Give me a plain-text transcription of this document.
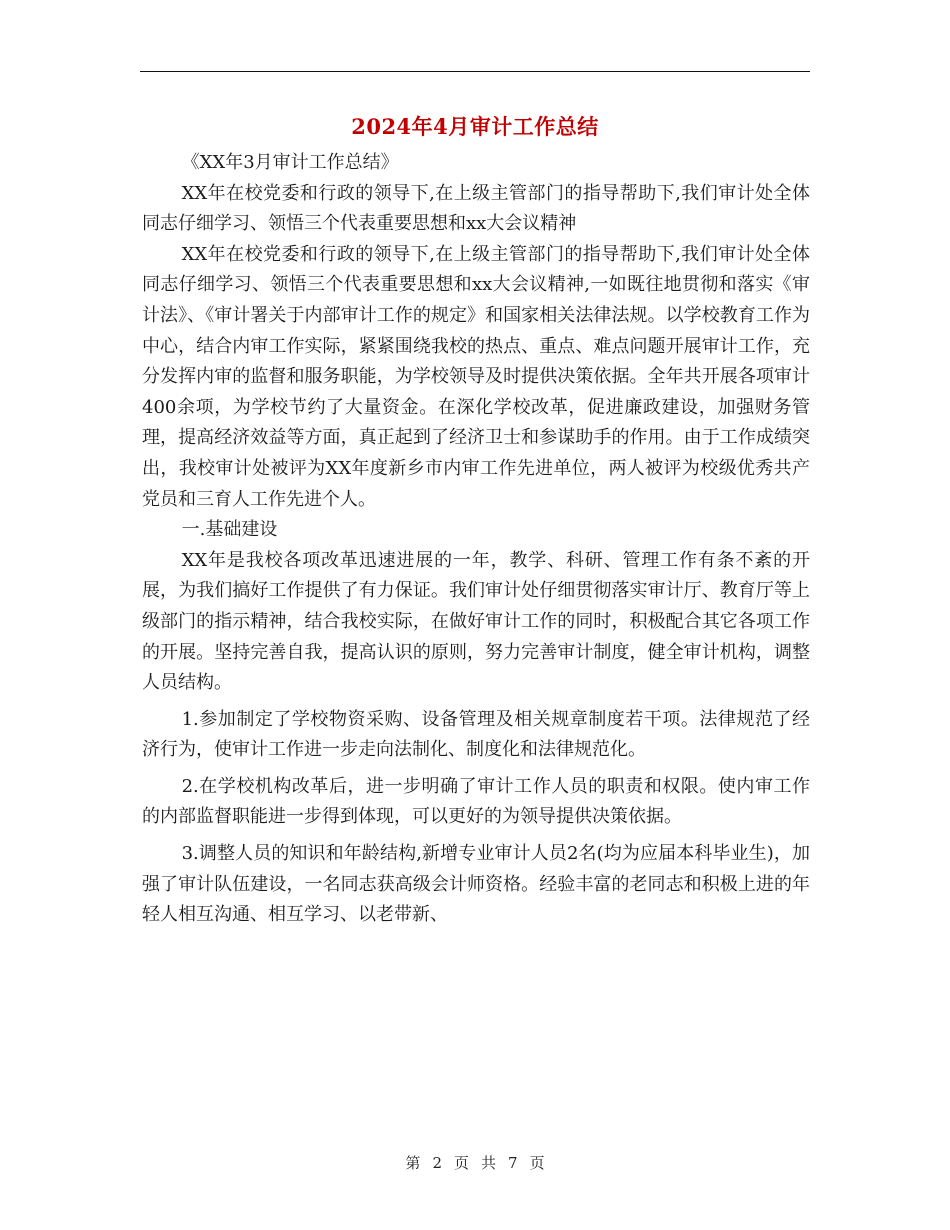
2024年4月审计工作总结

《XX年3月审计工作总结》

XX年在校党委和行政的领导下,在上级主管部门的指导帮助下,我们审计处全体同志仔细学习、领悟三个代表重要思想和xx大会议精神

XX年在校党委和行政的领导下,在上级主管部门的指导帮助下,我们审计处全体同志仔细学习、领悟三个代表重要思想和xx大会议精神,一如既往地贯彻和落实《审计法》、《审计署关于内部审计工作的规定》和国家相关法律法规。以学校教育工作为中心，结合内审工作实际，紧紧围绕我校的热点、重点、难点问题开展审计工作，充分发挥内审的监督和服务职能，为学校领导及时提供决策依据。全年共开展各项审计400余项，为学校节约了大量资金。在深化学校改革，促进廉政建设，加强财务管理，提高经济效益等方面，真正起到了经济卫士和参谋助手的作用。由于工作成绩突出，我校审计处被评为XX年度新乡市内审工作先进单位，两人被评为校级优秀共产党员和三育人工作先进个人。

一.基础建设

XX年是我校各项改革迅速进展的一年，教学、科研、管理工作有条不紊的开展，为我们搞好工作提供了有力保证。我们审计处仔细贯彻落实审计厅、教育厅等上级部门的指示精神，结合我校实际，在做好审计工作的同时，积极配合其它各项工作的开展。坚持完善自我，提高认识的原则，努力完善审计制度，健全审计机构，调整人员结构。

1.参加制定了学校物资采购、设备管理及相关规章制度若干项。法律规范了经济行为，使审计工作进一步走向法制化、制度化和法律规范化。

2.在学校机构改革后，进一步明确了审计工作人员的职责和权限。使内审工作的内部监督职能进一步得到体现，可以更好的为领导提供决策依据。

3.调整人员的知识和年龄结构,新增专业审计人员2名(均为应届本科毕业生)，加强了审计队伍建设，一名同志获高级会计师资格。经验丰富的老同志和积极上进的年轻人相互沟通、相互学习、以老带新、

第 2 页 共 7 页
